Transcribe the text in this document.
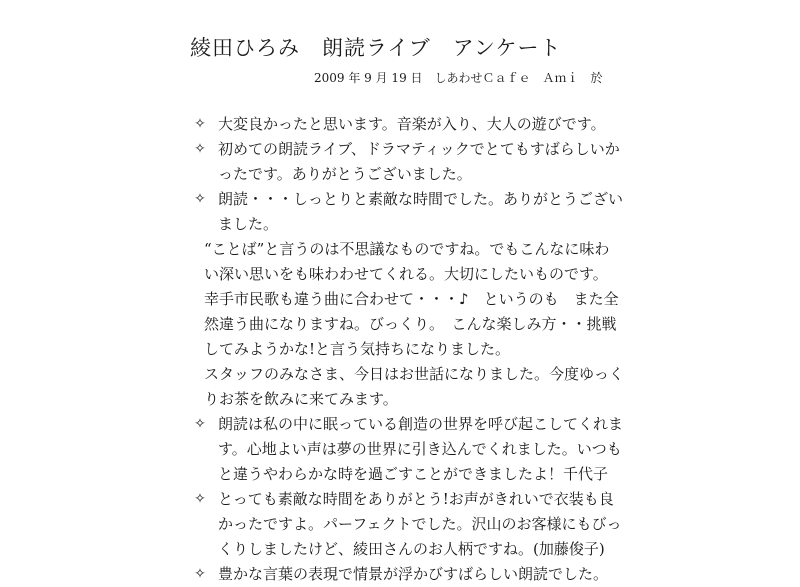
綾田ひろみ　朗読ライブ　アンケート
2009 年 9 月 19 日　しあわせＣａｆｅ　Ａｍｉ　於
✧ 大変良かったと思います。音楽が入り、大人の遊びです。
✧ 初めての朗読ライブ、ドラマティックでとてもすばらしいか
ったです。ありがとうございました。
✧ 朗読・・・しっとりと素敵な時間でした。ありがとうござい
ました。
“ことば”と言うのは不思議なものですね。でもこんなに味わ
い深い思いをも味わわせてくれる。大切にしたいものです。
幸手市民歌も違う曲に合わせて・・・♪　というのも　また全
然違う曲になりますね。びっくり。　こんな楽しみ方・・挑戦
してみようかな!と言う気持ちになりました。
スタッフのみなさま、今日はお世話になりました。今度ゆっく
りお茶を飲みに来てみます。
✧ 朗読は私の中に眠っている創造の世界を呼び起こしてくれま
す。心地よい声は夢の世界に引き込んでくれました。いつも
と違うやわらかな時を過ごすことができましたよ！千代子
✧ とっても素敵な時間をありがとう!お声がきれいで衣装も良
かったですよ。パーフェクトでした。沢山のお客様にもびっ
くりしましたけど、綾田さんのお人柄ですね。(加藤俊子)
✧ 豊かな言葉の表現で情景が浮かびすばらしい朗読でした。
